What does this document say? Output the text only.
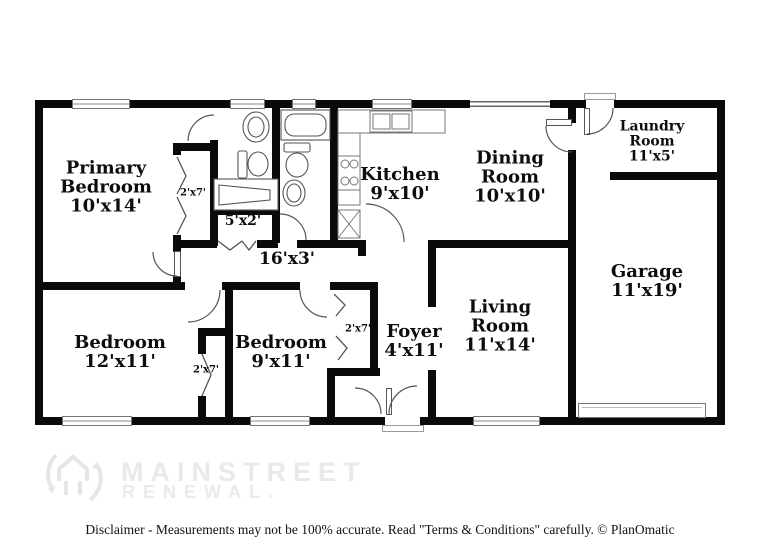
Primary
Bedroom
10'x14'
Kitchen
9'x10'
Dining
Room
10'x10'
Laundry
Room
11'x5'
Garage
11'x19'
Living
Room
11'x14'
Foyer
4'x11'
Bedroom
9'x11'
Bedroom
12'x11'
2'x7'
5'x2'
16'x3'
2'x7'
2'x7'
MAINSTREET
RENEWAL.
Disclaimer - Measurements may not be 100% accurate. Read "Terms & Conditions" carefully. © PlanOmatic
